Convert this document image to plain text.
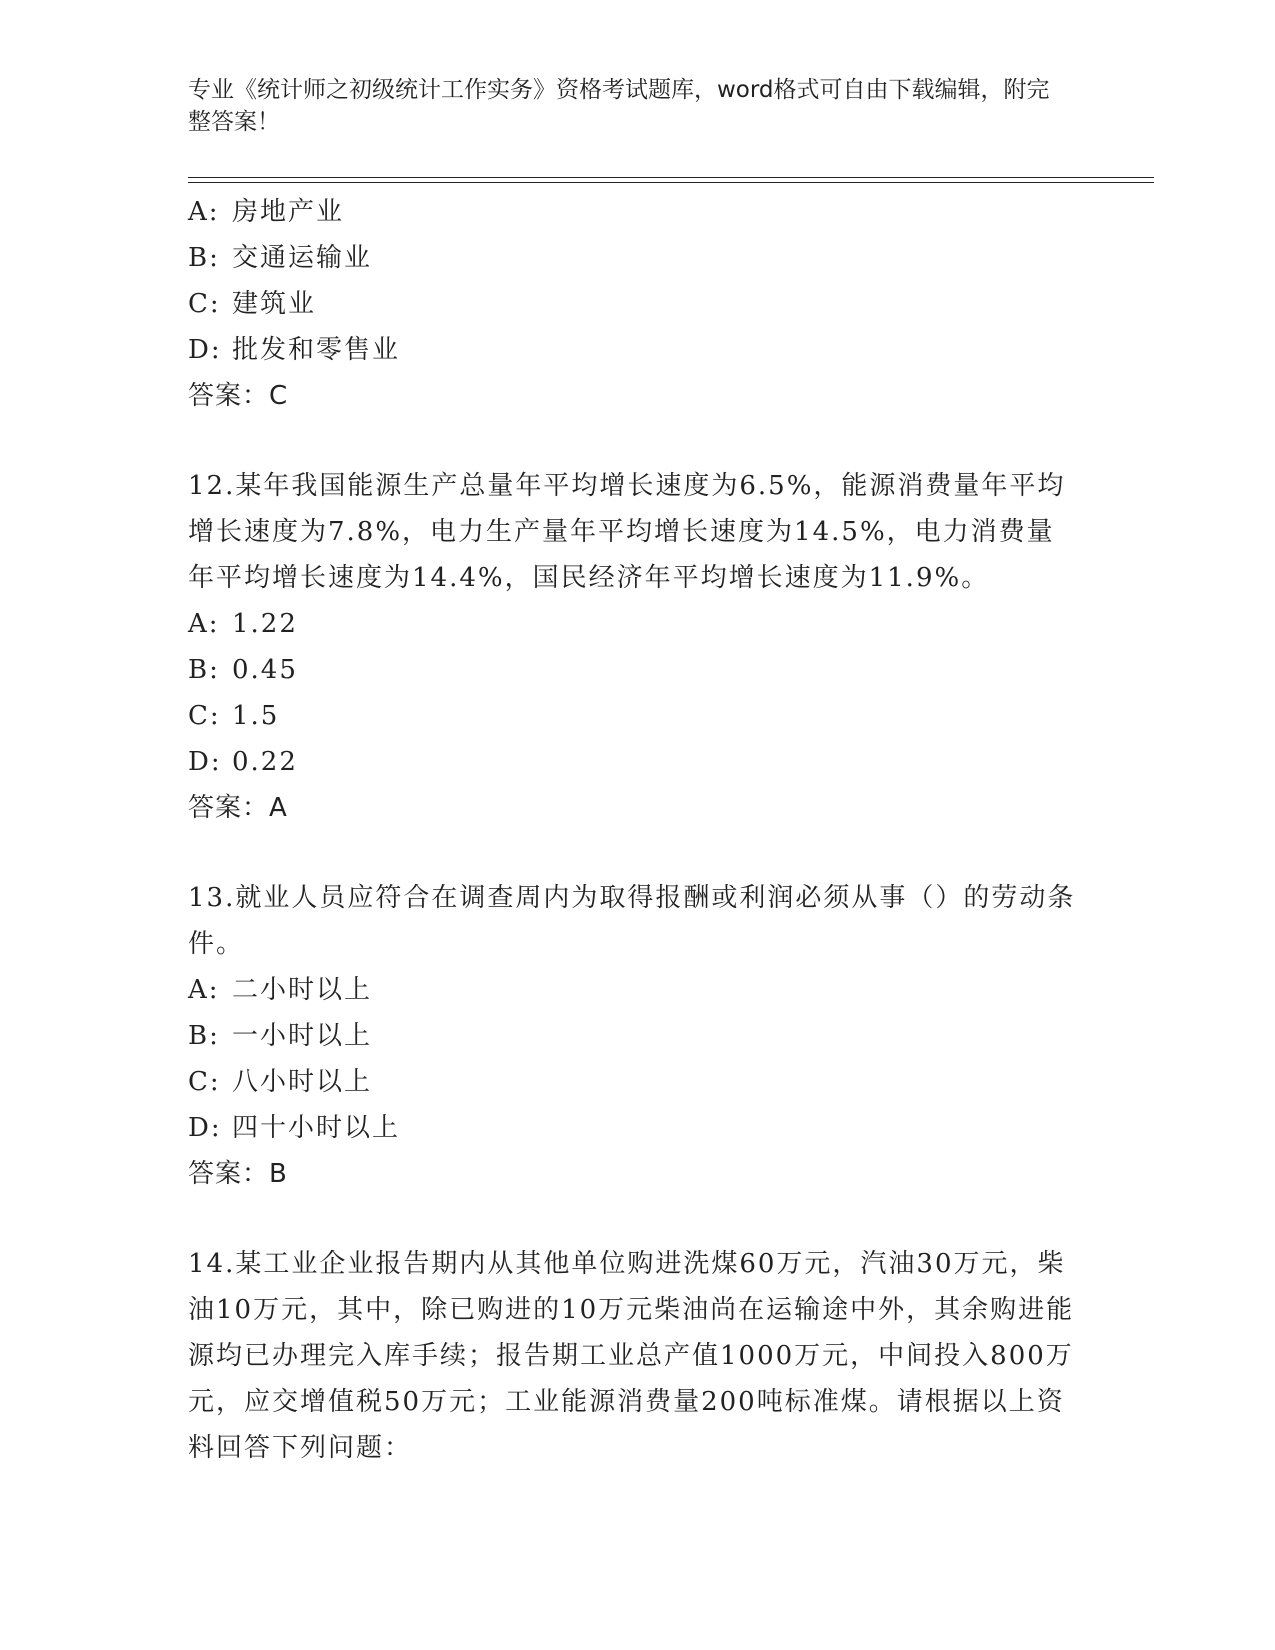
专业《统计师之初级统计工作实务》资格考试题库，word格式可自由下载编辑，附完整答案！
A: 房地产业
B: 交通运输业
C: 建筑业
D: 批发和零售业
答案：C
12.某年我国能源生产总量年平均增长速度为6.5%，能源消费量年平均增长速度为7.8%，电力生产量年平均增长速度为14.5%，电力消费量年平均增长速度为14.4%，国民经济年平均增长速度为11.9%。
A: 1.22
B: 0.45
C: 1.5
D: 0.22
答案：A
13.就业人员应符合在调查周内为取得报酬或利润必须从事（）的劳动条件。
A: 二小时以上
B: 一小时以上
C: 八小时以上
D: 四十小时以上
答案：B
14.某工业企业报告期内从其他单位购进洗煤60万元，汽油30万元，柴油10万元，其中，除已购进的10万元柴油尚在运输途中外，其余购进能源均已办理完入库手续；报告期工业总产值1000万元，中间投入800万元，应交增值税50万元；工业能源消费量200吨标准煤。请根据以上资料回答下列问题：
